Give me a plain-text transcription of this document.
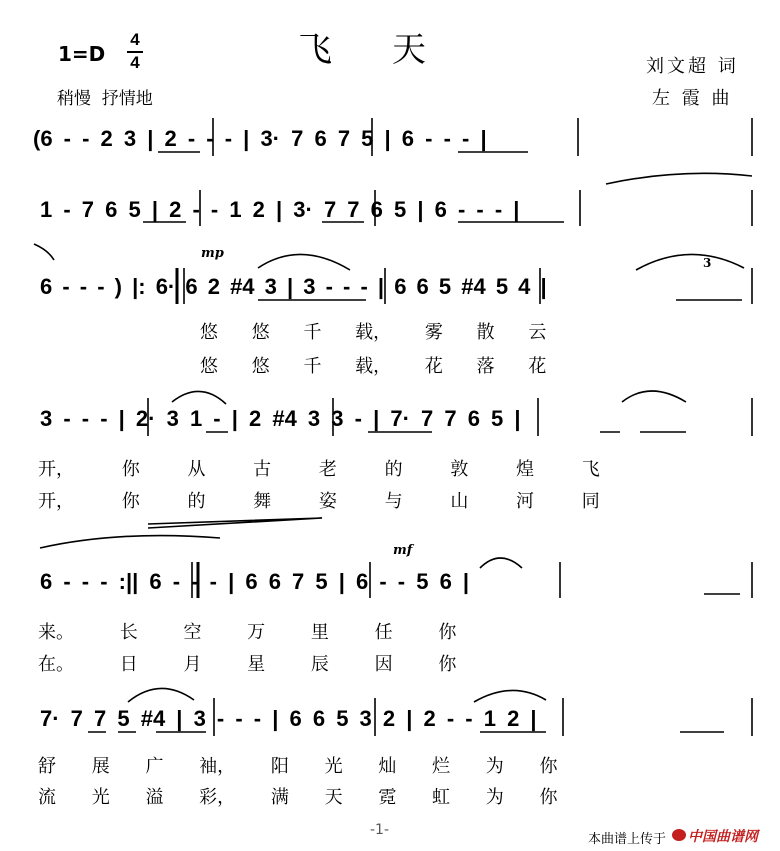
1=D
4
4	飞天
稍慢  抒情地
刘文超 词
左 霞 曲
(6 - - 2 3 | 2 - - - | 3· 7 6 7 5 | 6 - - - |
1 - 7 6 5 | 2 - - 1 2 | 3· 7 7 6 5 | 6 - - - |
mp
3
6 - - - ) |: 6· 6 2 #4 3 | 3 - - - | 6 6 5 #4 5 4 |
悠 悠 千 载， 雾 散 云
悠 悠 千 载， 花 落 花
3 - - - | 2· 3 1 - | 2 #4 3 3 - | 7· 7 7 6 5 |
开， 你 从 古 老 的 敦 煌 飞
开， 你 的 舞 姿 与 山 河 同
mf
6 - - - :|| 6 - - - | 6 6 7 5 | 6 - - 5 6 |
来。 长 空 万 里 任 你
在。 日 月 星 辰 因 你
7· 7 7 5 #4 | 3 - - - | 6 6 5 3 2 | 2 - - 1 2 |
舒 展 广 袖， 阳 光 灿 烂 为 你
流 光 溢 彩， 满 天 霓 虹 为 你
-1-
本曲谱上传于 中国曲谱网
